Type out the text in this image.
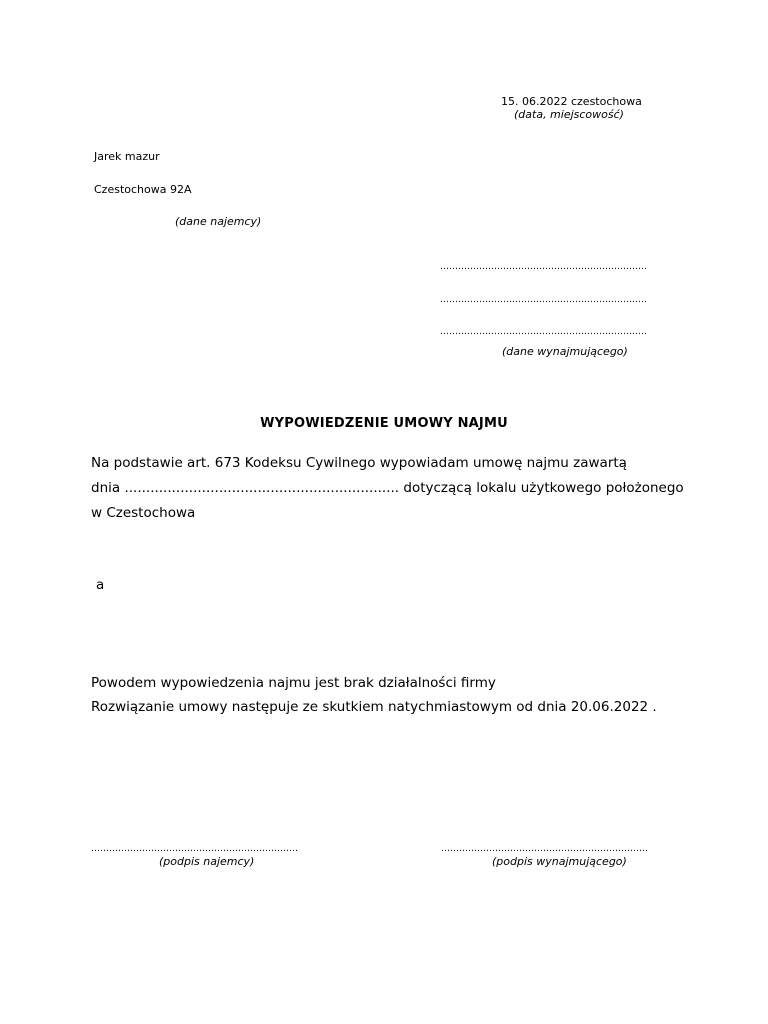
15. 06.2022 czestochowa
(data, miejscowość)
Jarek mazur
Czestochowa 92A
(dane najemcy)
……………………………………………………………
……………………………………………………………
……………………………………………………………
(dane wynajmującego)
WYPOWIEDZENIE UMOWY NAJMU
Na podstawie art. 673 Kodeksu Cywilnego wypowiadam umowę najmu zawartą
dnia ................................................................ dotyczącą lokalu użytkowego położonego
w Czestochowa
a
Powodem wypowiedzenia najmu jest brak działalności firmy
Rozwiązanie umowy następuje ze skutkiem natychmiastowym od dnia 20.06.2022 .
……………………………………………………………
(podpis najemcy)
……………………………………………………………
(podpis wynajmującego)
